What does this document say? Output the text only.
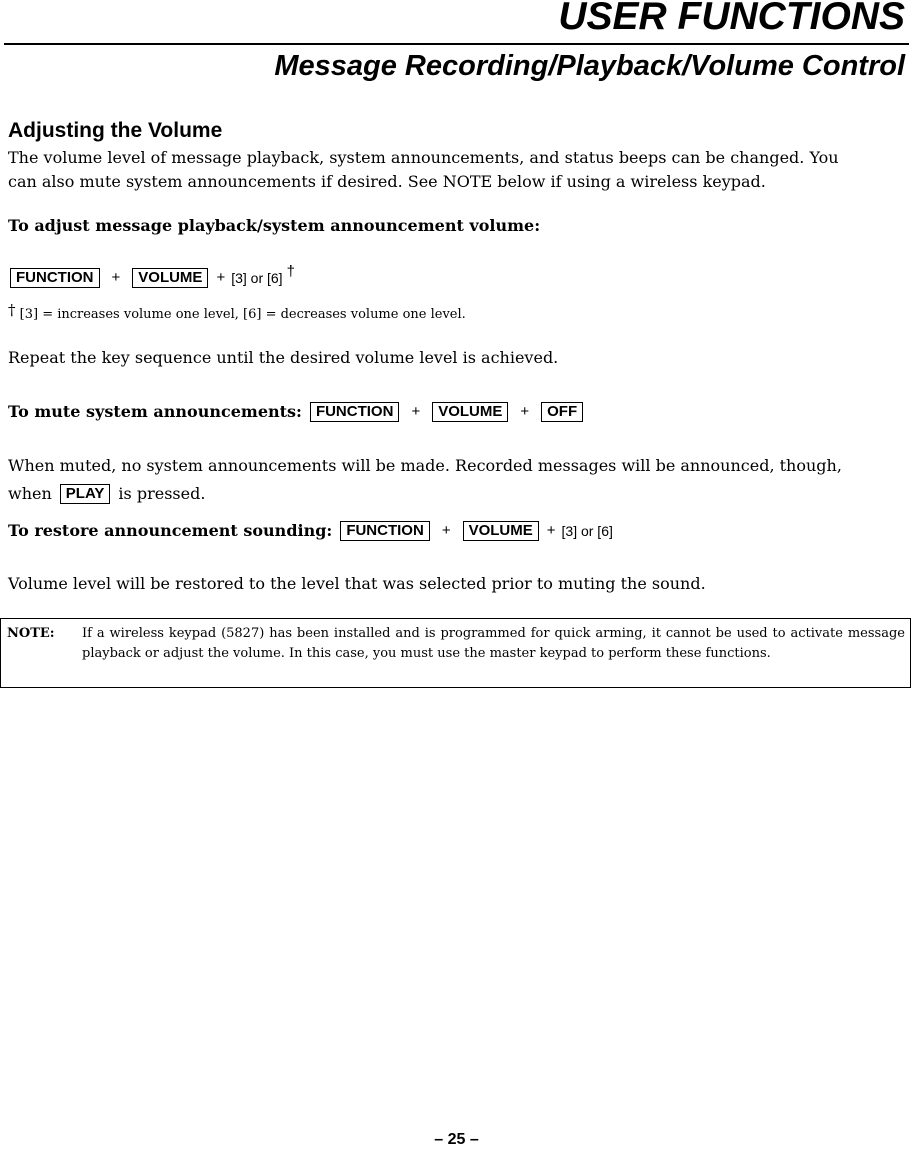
USER FUNCTIONS
Message Recording/Playback/Volume Control
Adjusting the Volume

The volume level of message playback, system announcements, and status beeps can be changed. You
can also mute system announcements if desired. See NOTE below if using a wireless keypad.

To adjust message playback/system announcement volume:

FUNCTION	+	VOLUME + [3] or [6] †

† [3] = increases volume one level, [6] = decreases volume one level.

Repeat the key sequence until the desired volume level is achieved.

To mute system announcements: FUNCTION	+	VOLUME	+	OFF

When muted, no system announcements will be made. Recorded messages will be announced, though,

when PLAY is pressed.
To restore announcement sounding: FUNCTION	+	VOLUME + [3] or [6]

Volume level will be restored to the level that was selected prior to muting the sound.

NOTE:	If a wireless keypad (5827) has been installed and is programmed for quick arming, it cannot be used to activate message playback or adjust the volume. In this case, you must use the master keypad to perform these functions.

– 25 –
